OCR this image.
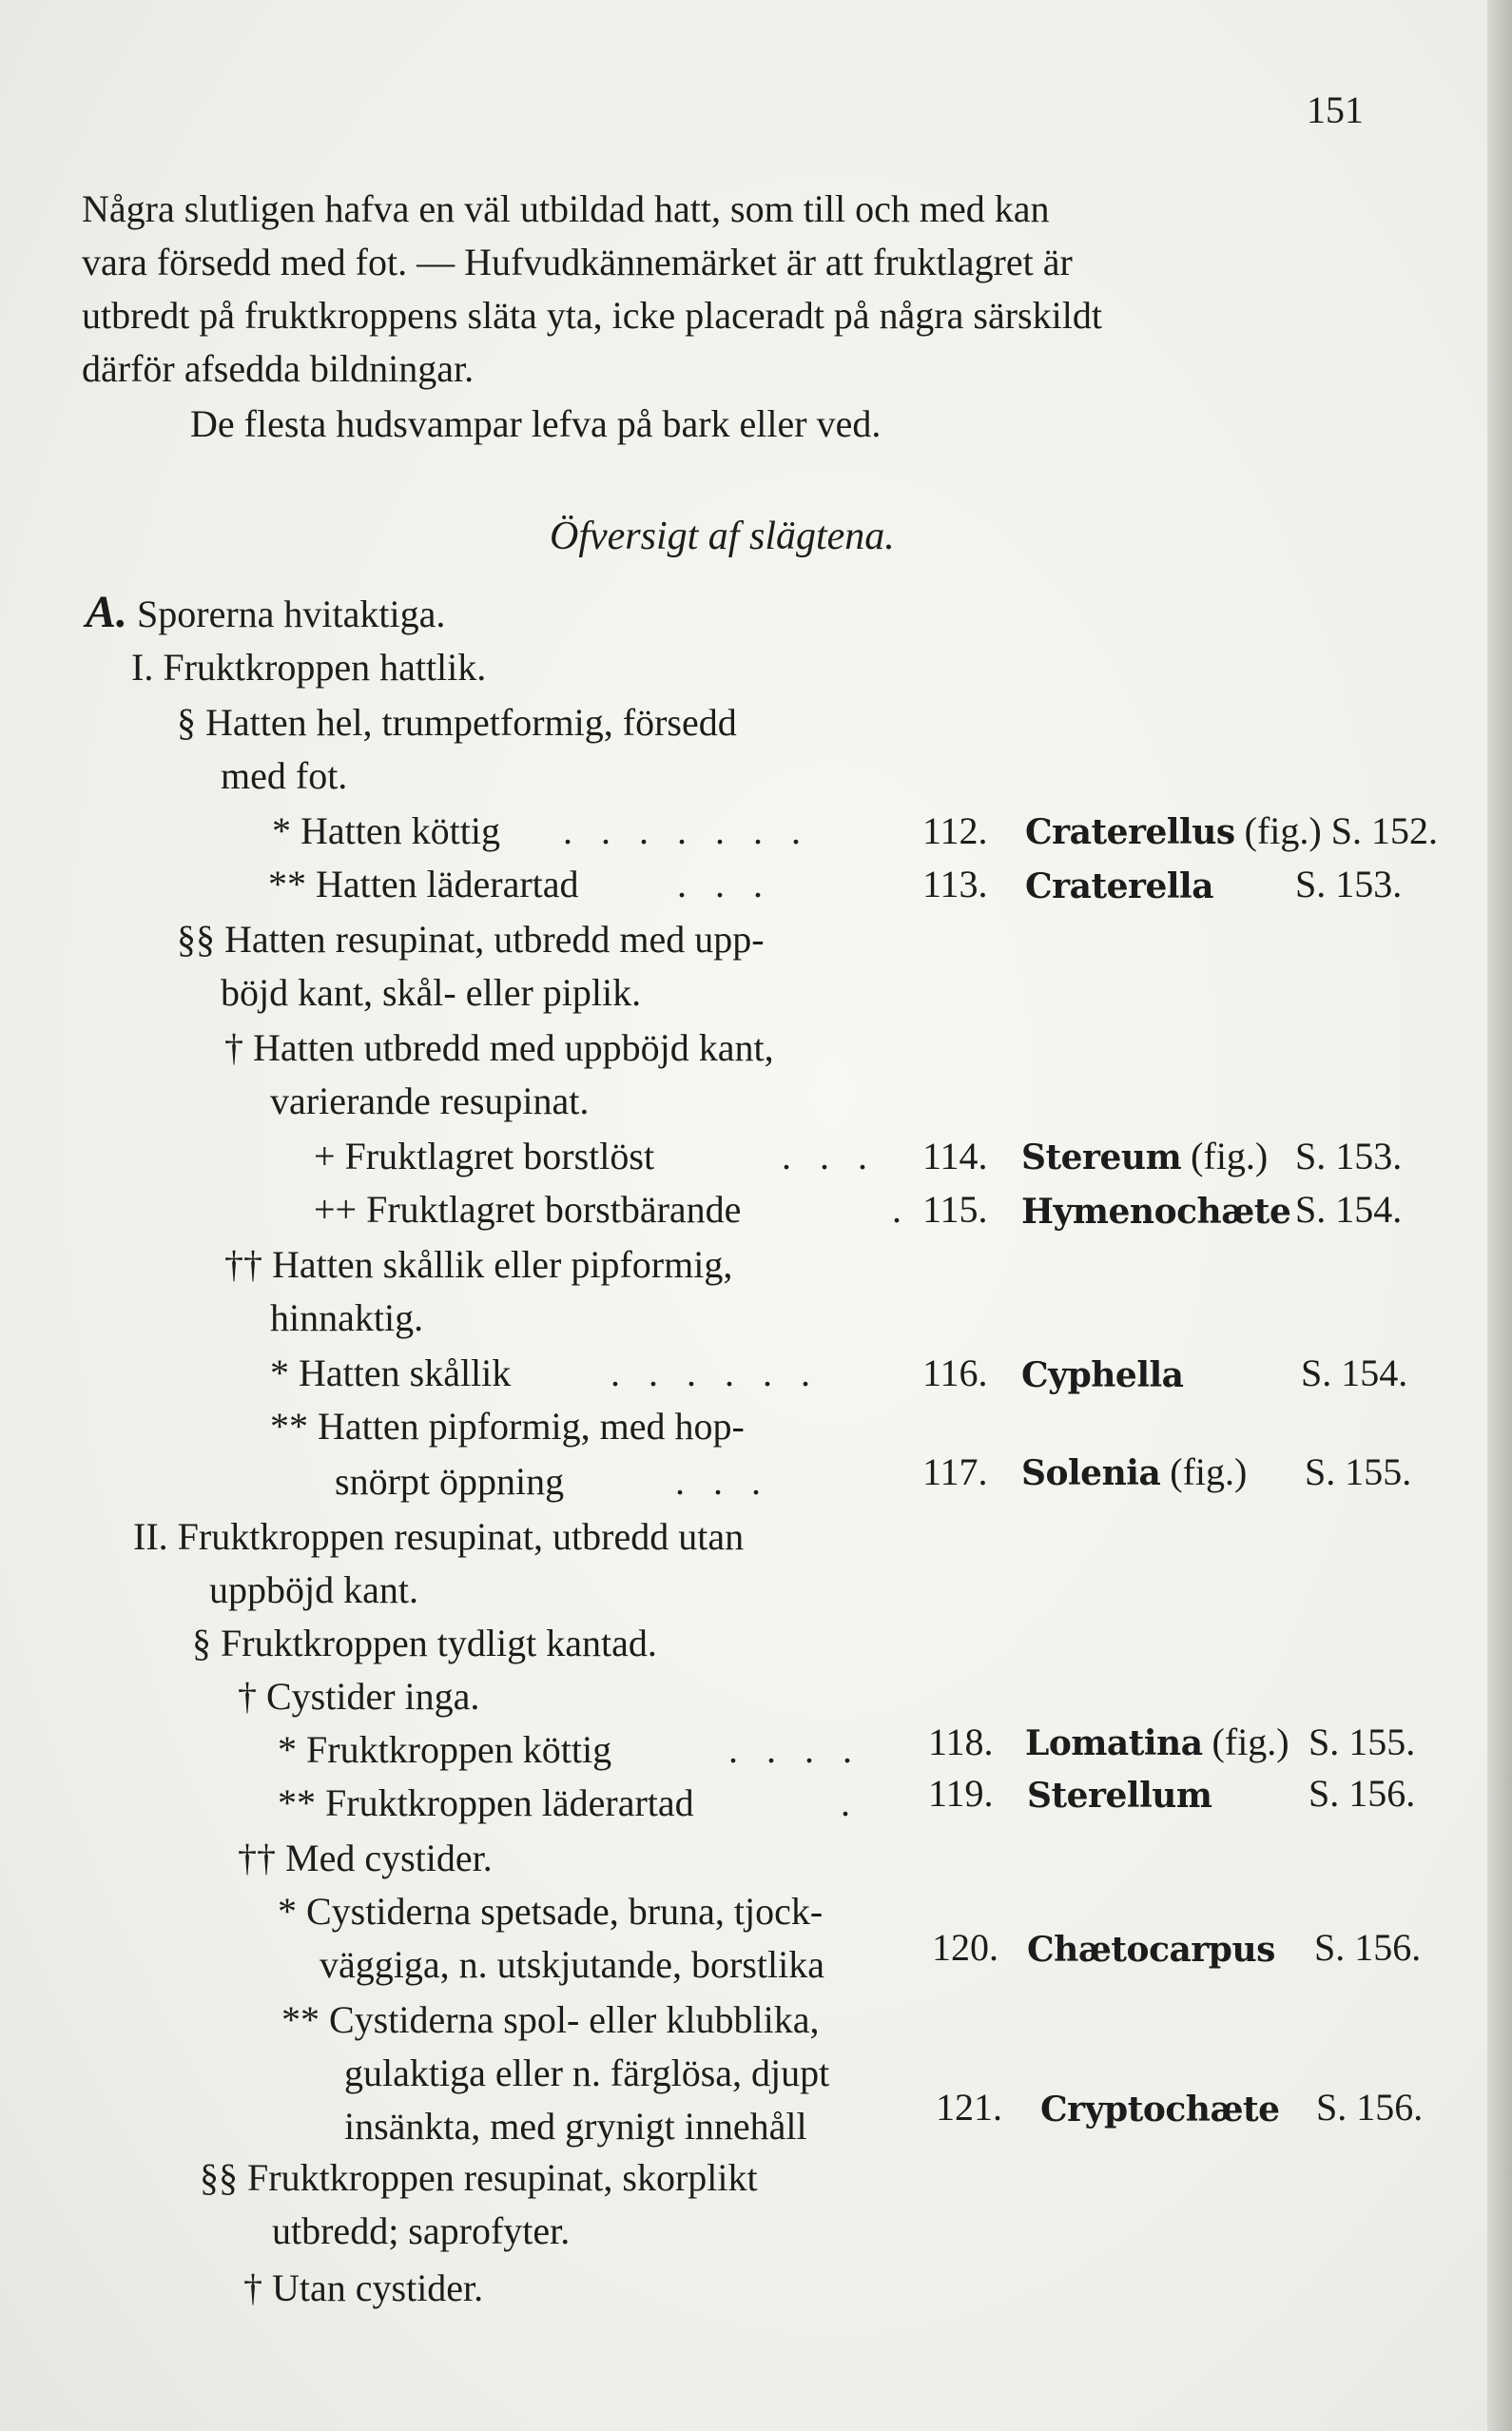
151
Några slutligen hafva en väl utbildad hatt, som till och med kan
vara försedd med fot. — Hufvudkännemärket är att fruktlagret är
utbredt på fruktkroppens släta yta, icke placeradt på några särskildt
därför afsedda bildningar.
De flesta hudsvampar lefva på bark eller ved.
Öfversigt af slägtena.
A. Sporerna hvitaktiga.
I. Fruktkroppen hattlik.
§ Hatten hel, trumpetformig, försedd
med fot.
* Hatten köttig . . . . . . .	112. Craterellus (fig.) S. 152.
** Hatten läderartad	. . .	113. Craterella S. 153.
§§ Hatten resupinat, utbredd med upp-
böjd kant, skål- eller piplik.
† Hatten utbredd med uppböjd kant,
varierande resupinat.
+ Fruktlagret borstlöst	. . . 114. Stereum (fig.) S. 153.
++ Fruktlagret borstbärande	. 115. Hymenochæte S. 154.
†† Hatten skållik eller pipformig,
hinnaktig.
* Hatten skållik	. . . . . .	116. Cyphella	S. 154.
** Hatten pipformig, med hop-
snörpt öppning	. . .	117. Solenia (fig.) S. 155.
II. Fruktkroppen resupinat, utbredd utan
uppböjd kant.
§ Fruktkroppen tydligt kantad.
† Cystider inga.
* Fruktkroppen köttig	. . . . 118. Lomatina (fig.) S. 155.
** Fruktkroppen läderartad	. 119. Sterellum	S. 156.
†† Med cystider.
* Cystiderna spetsade, bruna, tjock-
väggiga, n. utskjutande, borstlika	120. Chætocarpus S. 156.
** Cystiderna spol- eller klubblika,
gulaktiga eller n. färglösa, djupt
insänkta, med grynigt innehåll	121. Cryptochæte S. 156.
§§ Fruktkroppen resupinat, skorplikt
utbredd; saprofyter.
† Utan cystider.
